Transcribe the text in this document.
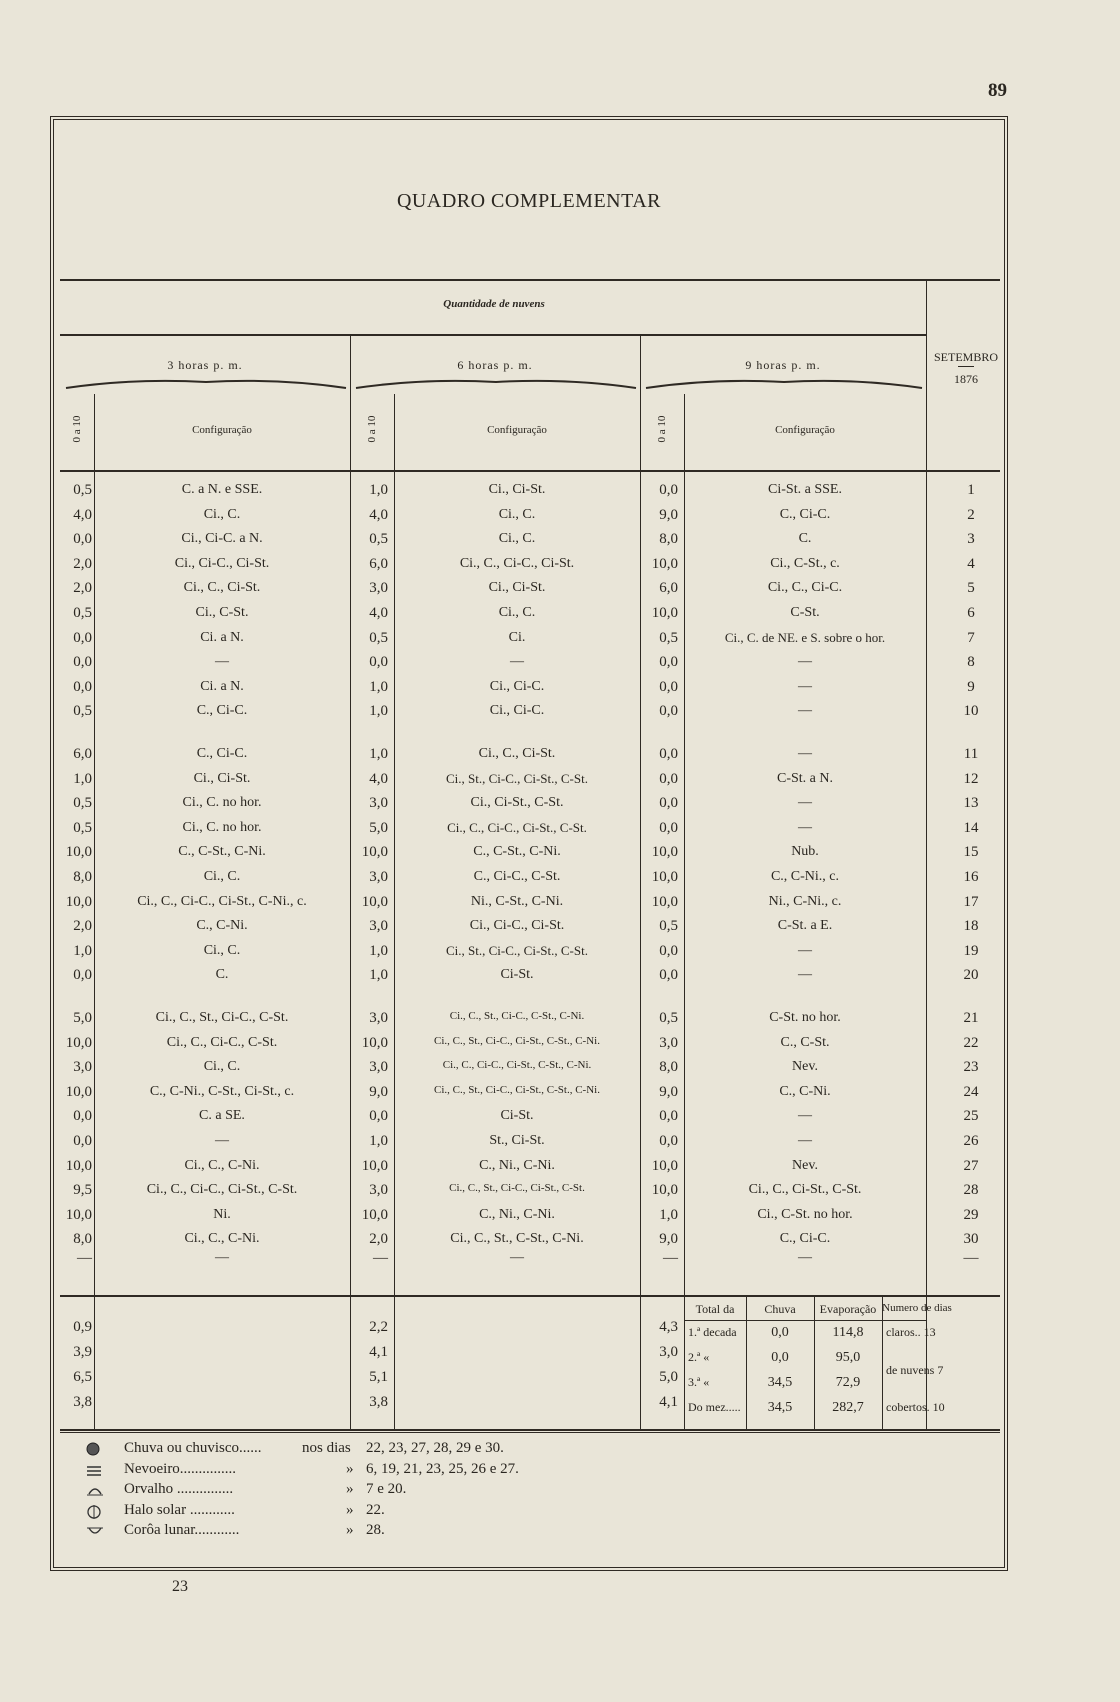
89
QUADRO COMPLEMENTAR
Quantidade de nuvens
3 horas p. m.	6 horas p. m.	9 horas p. m.
SETEMBRO
1876
0 a 10	0 a 10	0 a 10
Configuração	Configuração	Configuração
0,5	C. a N. e SSE.	1,0	Ci., Ci-St.	0,0	Ci-St. a SSE.	1
4,0	Ci., C.	4,0	Ci., C.	9,0	C., Ci-C.	2
0,0	Ci., Ci-C. a N.	0,5	Ci., C.	8,0	C.	3
2,0	Ci., Ci-C., Ci-St.	6,0	Ci., C., Ci-C., Ci-St.	10,0	Ci., C-St., c.	4
2,0	Ci., C., Ci-St.	3,0	Ci., Ci-St.	6,0	Ci., C., Ci-C.	5
0,5	Ci., C-St.	4,0	Ci., C.	10,0	C-St.	6
0,0	Ci. a N.	0,5	Ci.	0,5	Ci., C. de NE. e S. sobre o hor.	7
0,0	—	0,0	—	0,0	—	8
0,0	Ci. a N.	1,0	Ci., Ci-C.	0,0	—	9
0,5	C., Ci-C.	1,0	Ci., Ci-C.	0,0	—	10
6,0	C., Ci-C.	1,0	Ci., C., Ci-St.	0,0	—	11
1,0	Ci., Ci-St.	4,0	Ci., St., Ci-C., Ci-St., C-St.	0,0	C-St. a N.	12
0,5	Ci., C. no hor.	3,0	Ci., Ci-St., C-St.	0,0	—	13
0,5	Ci., C. no hor.	5,0	Ci., C., Ci-C., Ci-St., C-St.	0,0	—	14
10,0	C., C-St., C-Ni.	10,0	C., C-St., C-Ni.	10,0	Nub.	15
8,0	Ci., C.	3,0	C., Ci-C., C-St.	10,0	C., C-Ni., c.	16
10,0	Ci., C., Ci-C., Ci-St., C-Ni., c.	10,0	Ni., C-St., C-Ni.	10,0	Ni., C-Ni., c.	17
2,0	C., C-Ni.	3,0	Ci., Ci-C., Ci-St.	0,5	C-St. a E.	18
1,0	Ci., C.	1,0	Ci., St., Ci-C., Ci-St., C-St.	0,0	—	19
0,0	C.	1,0	Ci-St.	0,0	—	20
5,0	Ci., C., St., Ci-C., C-St.	3,0	Ci., C., St., Ci-C., C-St., C-Ni.	0,5	C-St. no hor.	21
10,0	Ci., C., Ci-C., C-St.	10,0	Ci., C., St., Ci-C., Ci-St., C-St., C-Ni.	3,0	C., C-St.	22
3,0	Ci., C.	3,0	Ci., C., Ci-C., Ci-St., C-St., C-Ni.	8,0	Nev.	23
10,0	C., C-Ni., C-St., Ci-St., c.	9,0	Ci., C., St., Ci-C., Ci-St., C-St., C-Ni.	9,0	C., C-Ni.	24
0,0	C. a SE.	0,0	Ci-St.	0,0	—	25
0,0	—	1,0	St., Ci-St.	0,0	—	26
10,0	Ci., C., C-Ni.	10,0	C., Ni., C-Ni.	10,0	Nev.	27
9,5	Ci., C., Ci-C., Ci-St., C-St.	3,0	Ci., C., St., Ci-C., Ci-St., C-St.	10,0	Ci., C., Ci-St., C-St.	28
10,0	Ni.	10,0	C., Ni., C-Ni.	1,0	Ci., C-St. no hor.	29
8,0	Ci., C., C-Ni.	2,0	Ci., C., St., C-St., C-Ni.	9,0	C., Ci-C.	30
—	—	—	—	—	—	—
0,9	2,2	4,3
3,9	4,1	3,0
6,5	5,1	5,0
3,8	3,8	4,1
Total da	Chuva	Evaporação Numero de dias
1.ª decada	0,0	114,8
2.ª «	0,0	95,0
3.ª «	34,5	72,9
Do mez.....	34,5	282,7
claros.. 13
de nuvens 7
cobertos. 10
Chuva ou chuvisco......	nos dias 22, 23, 27, 28, 29 e 30.
Nevoeiro...............	» 6, 19, 21, 23, 25, 26 e 27.
Orvalho ...............	» 7 e 20.
Halo solar ............	» 22.
Corôa lunar............	» 28.
23
